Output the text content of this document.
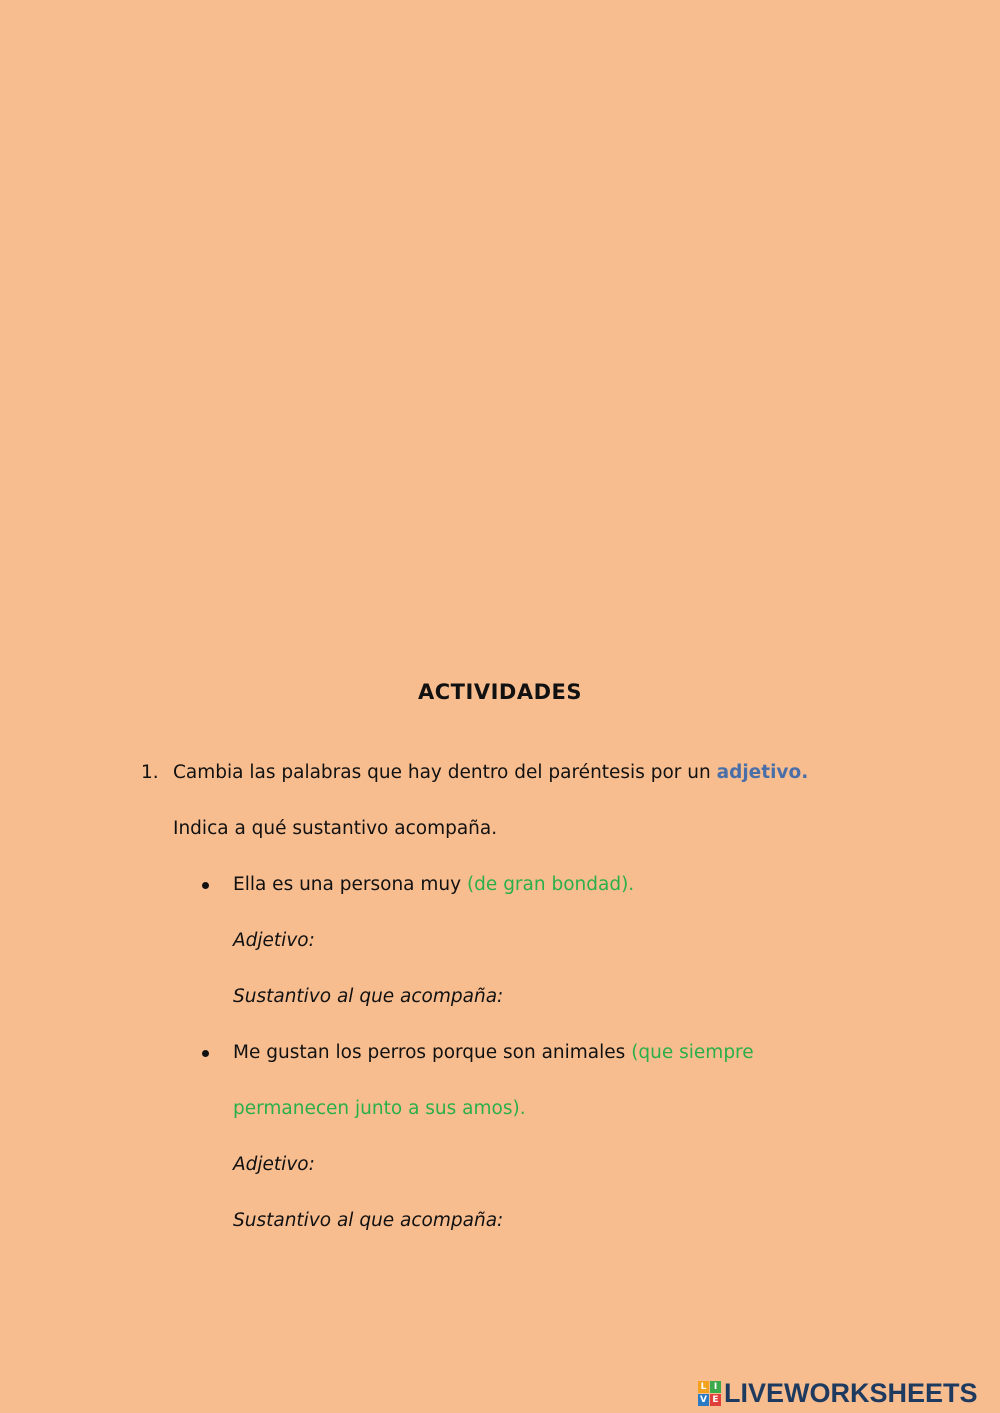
ACTIVIDADES
1. Cambia las palabras que hay dentro del paréntesis por un adjetivo.
Indica a qué sustantivo acompaña.
Ella es una persona muy (de gran bondad).
Adjetivo:
Sustantivo al que acompaña:
Me gustan los perros porque son animales (que siempre
permanecen junto a sus amos).
Adjetivo:
Sustantivo al que acompaña:
L I
V E LIVEWORKSHEETS
